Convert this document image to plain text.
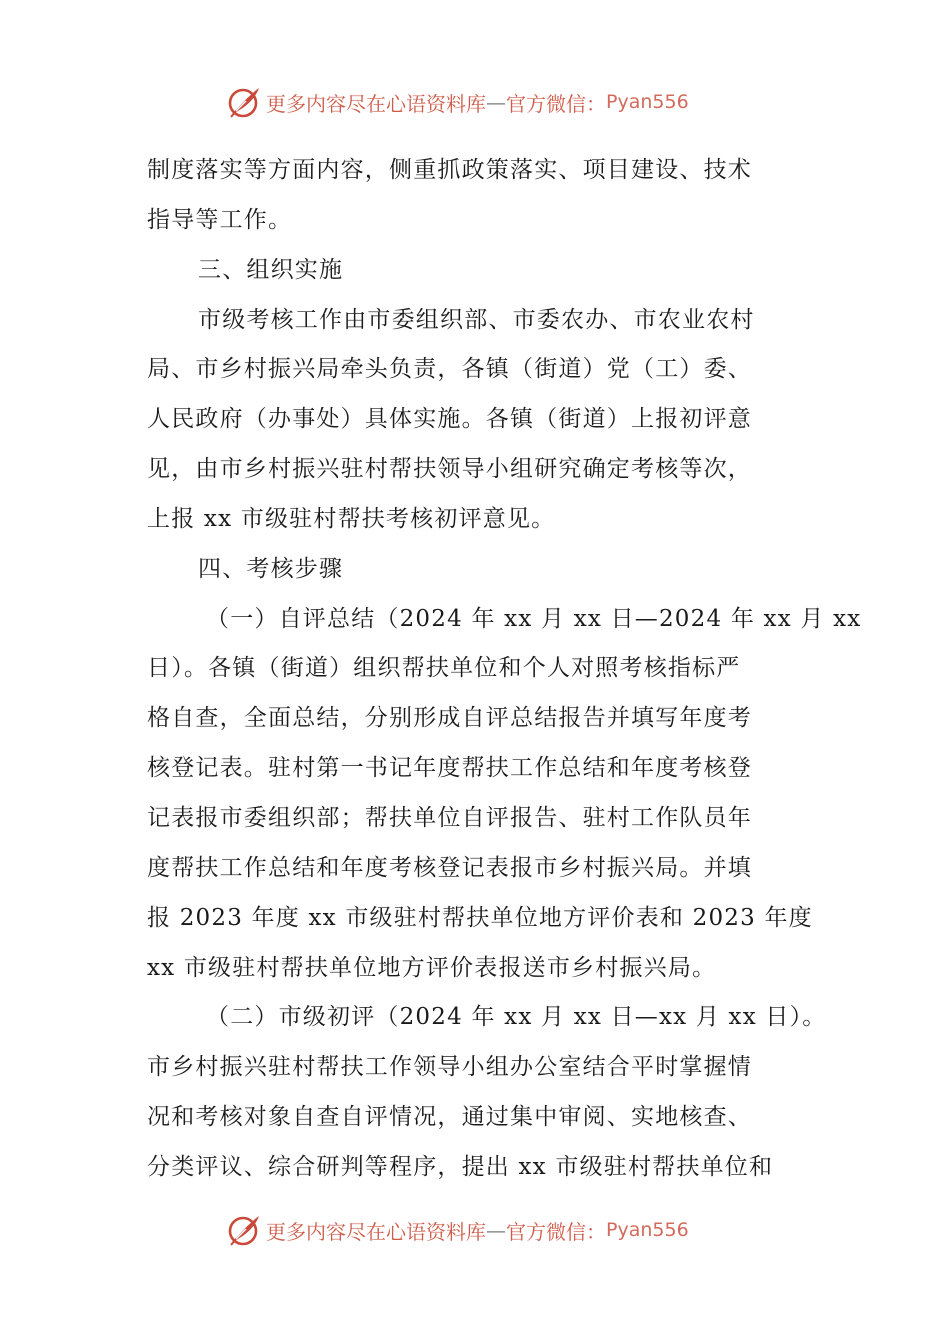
更多内容尽在心语资料库 — 官方微信： Pyan556
制度落实等方面内容，侧重抓政策落实、项目建设、技术
指导等工作。
三、组织实施
市级考核工作由市委组织部、市委农办、市农业农村
局、市乡村振兴局牵头负责，各镇（街道）党（工）委、
人民政府（办事处）具体实施。各镇（街道）上报初评意
见，由市乡村振兴驻村帮扶领导小组研究确定考核等次，
上报 xx 市级驻村帮扶考核初评意见。
四、考核步骤
（一）自评总结（2024 年 xx 月 xx 日—2024 年 xx 月 xx
日）。各镇（街道）组织帮扶单位和个人对照考核指标严
格自查，全面总结，分别形成自评总结报告并填写年度考
核登记表。驻村第一书记年度帮扶工作总结和年度考核登
记表报市委组织部；帮扶单位自评报告、驻村工作队员年
度帮扶工作总结和年度考核登记表报市乡村振兴局。并填
报 2023 年度 xx 市级驻村帮扶单位地方评价表和 2023 年度
xx 市级驻村帮扶单位地方评价表报送市乡村振兴局。
（二）市级初评（2024 年 xx 月 xx 日—xx 月 xx 日）。
市乡村振兴驻村帮扶工作领导小组办公室结合平时掌握情
况和考核对象自查自评情况，通过集中审阅、实地核查、
分类评议、综合研判等程序，提出 xx 市级驻村帮扶单位和
更多内容尽在心语资料库 — 官方微信： Pyan556
